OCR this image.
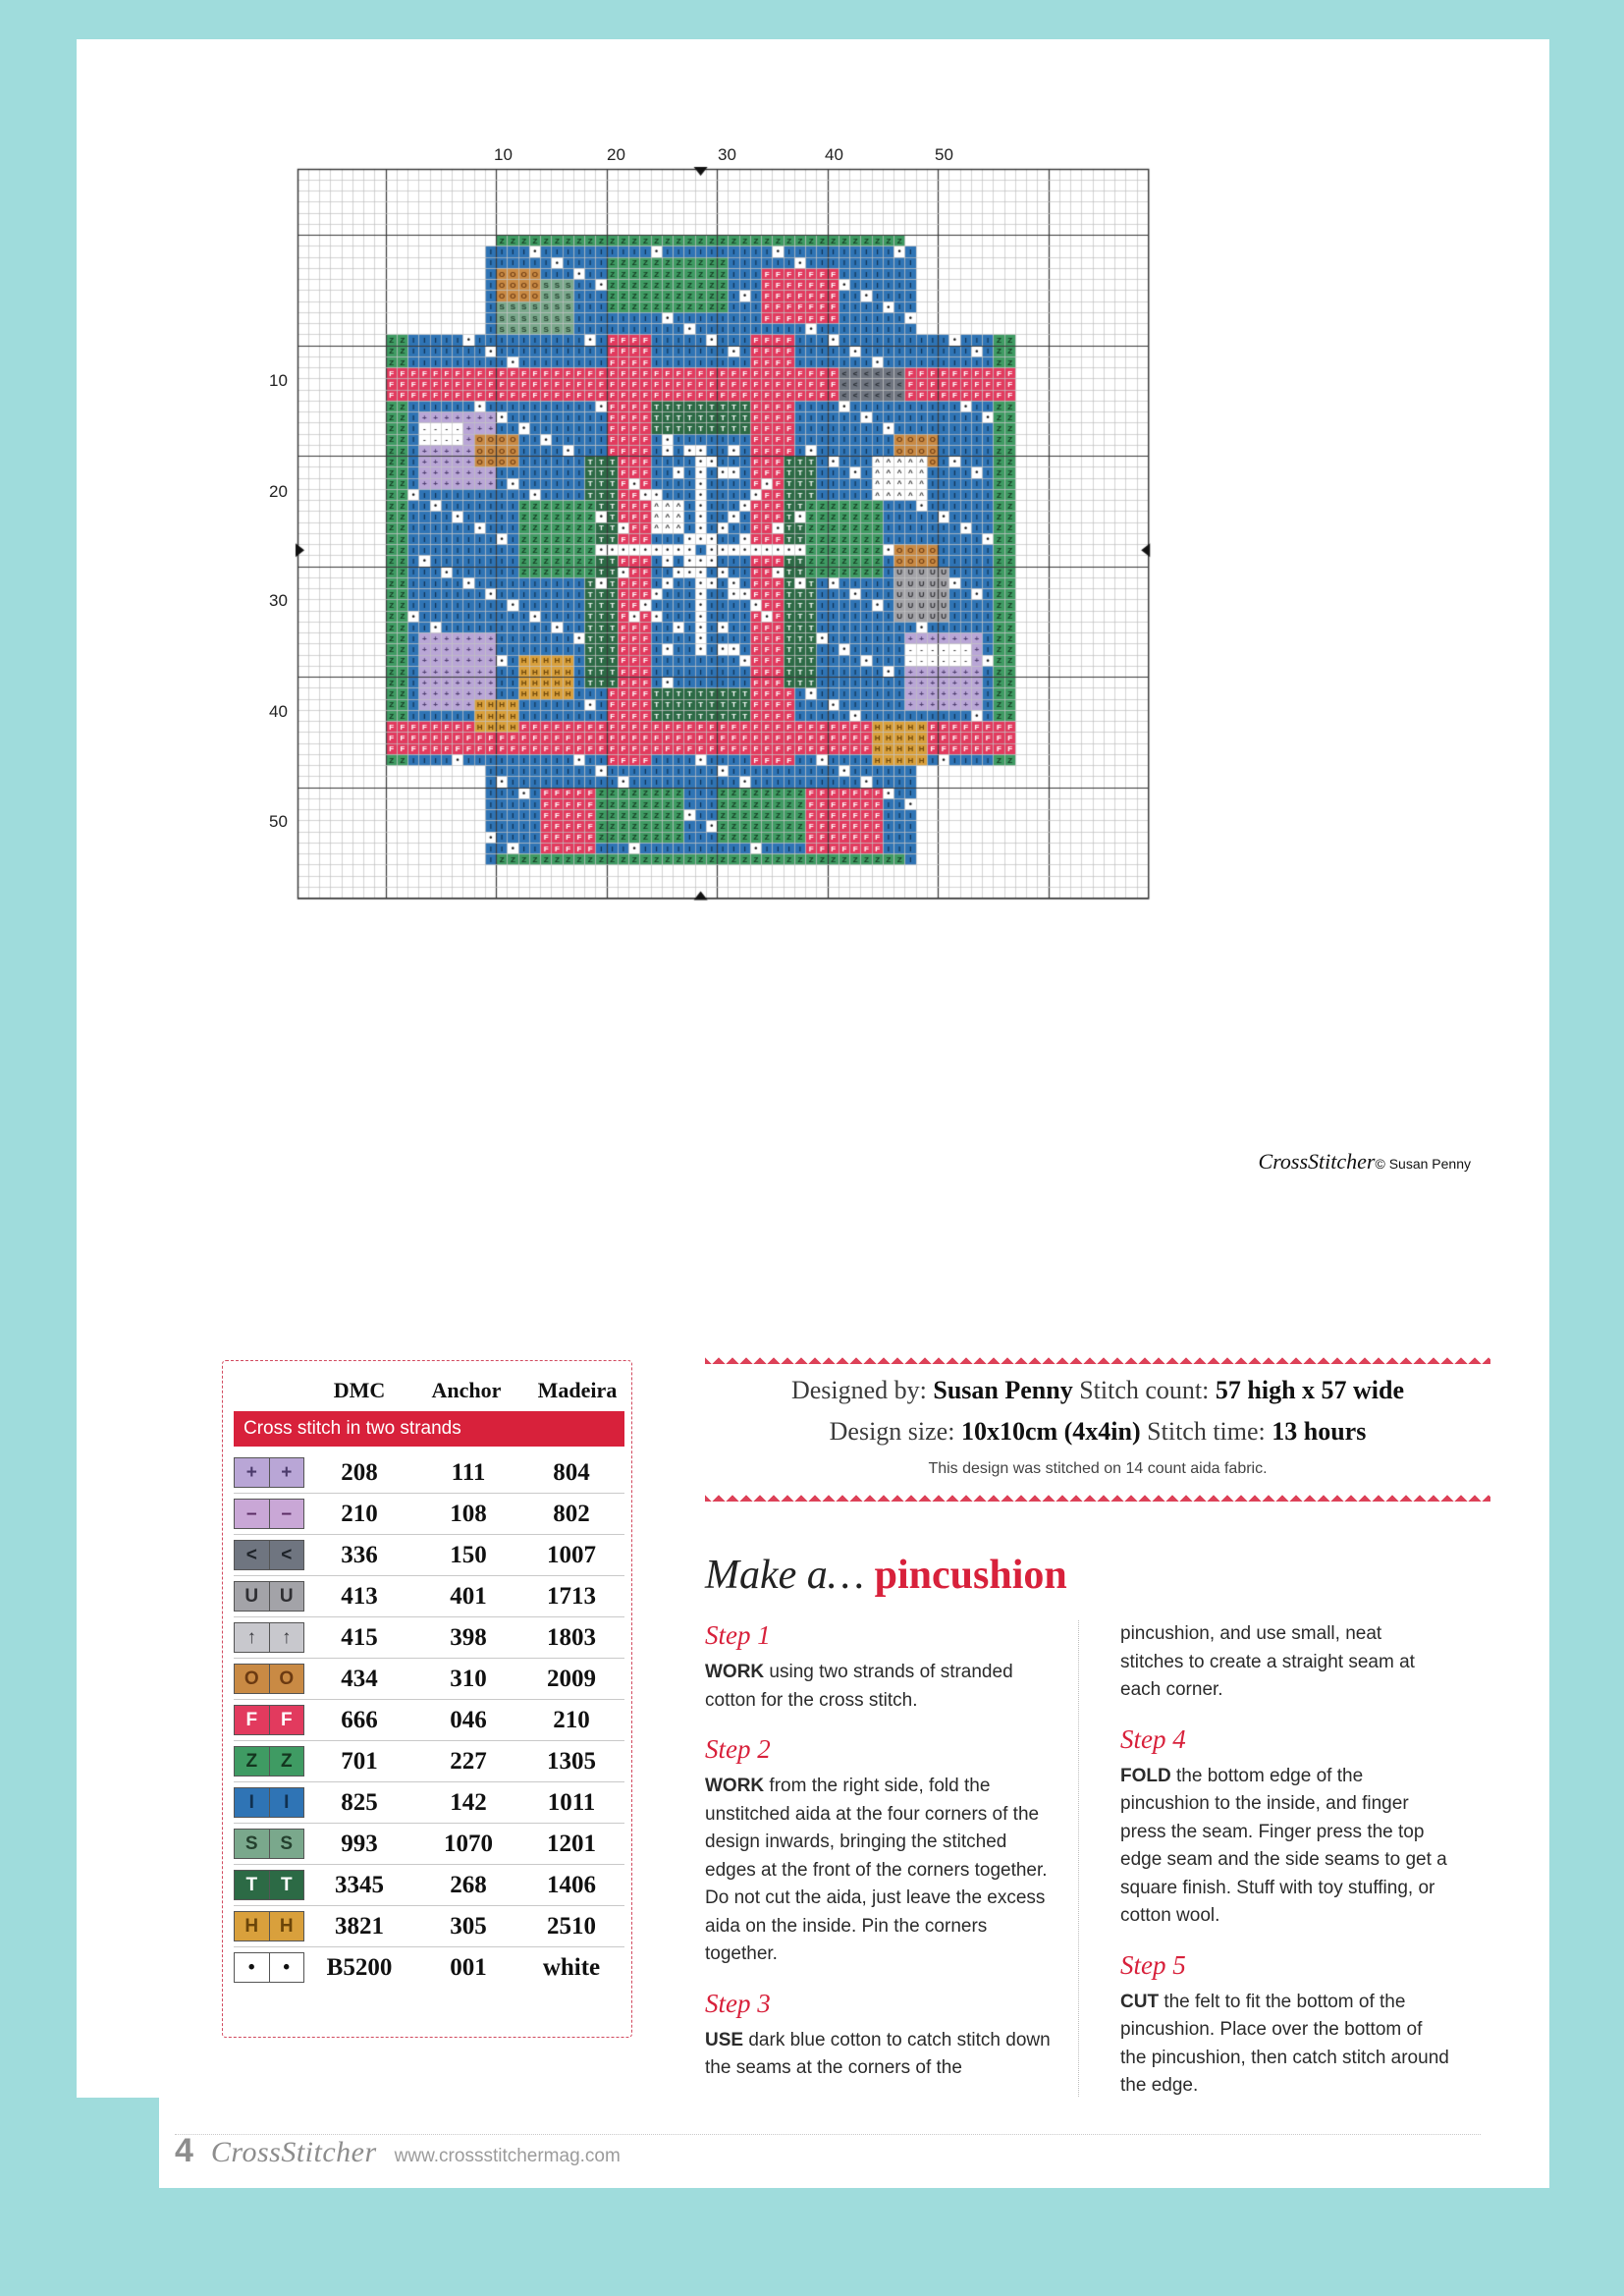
10	20	30	40	50
10
20
30
40
50
CrossStitcher© Susan Penny
DMC	Anchor	Madeira
Cross stitch in two strands
+	+	208	111	804
–	–	210	108	802
<	<	336	150	1007
U	U	413	401	1713
↑	↑	415	398	1803
O	O	434	310	2009
F	F	666	046	210
Z	Z	701	227	1305
I	I	825	142	1011
S	S	993	1070	1201
T	T	3345	268	1406
H	H	3821	305	2510
•	•	B5200	001	white
Designed by: Susan Penny Stitch count: 57 high x 57 wide
Design size: 10x10cm (4x4in) Stitch time: 13 hours
This design was stitched on 14 count aida fabric.
Make a… pincushion
Step 1

WORK using two strands of stranded cotton for the cross stitch.

Step 2

WORK from the right side, fold the unstitched aida at the four corners of the design inwards, bringing the stitched edges at the front of the corners together. Do not cut the aida, just leave the excess aida on the inside. Pin the corners together.

Step 3

USE dark blue cotton to catch stitch down the seams at the corners of the

pincushion, and use small, neat stitches to create a straight seam at each corner.

Step 4

FOLD the bottom edge of the pincushion to the inside, and finger press the seam. Finger press the top edge seam and the side seams to get a square finish. Stuff with toy stuffing, or cotton wool.

Step 5

CUT the felt to fit the bottom of the pincushion. Place over the bottom of the pincushion, then catch stitch around the edge.

4 CrossStitcher www.crossstitchermag.com
